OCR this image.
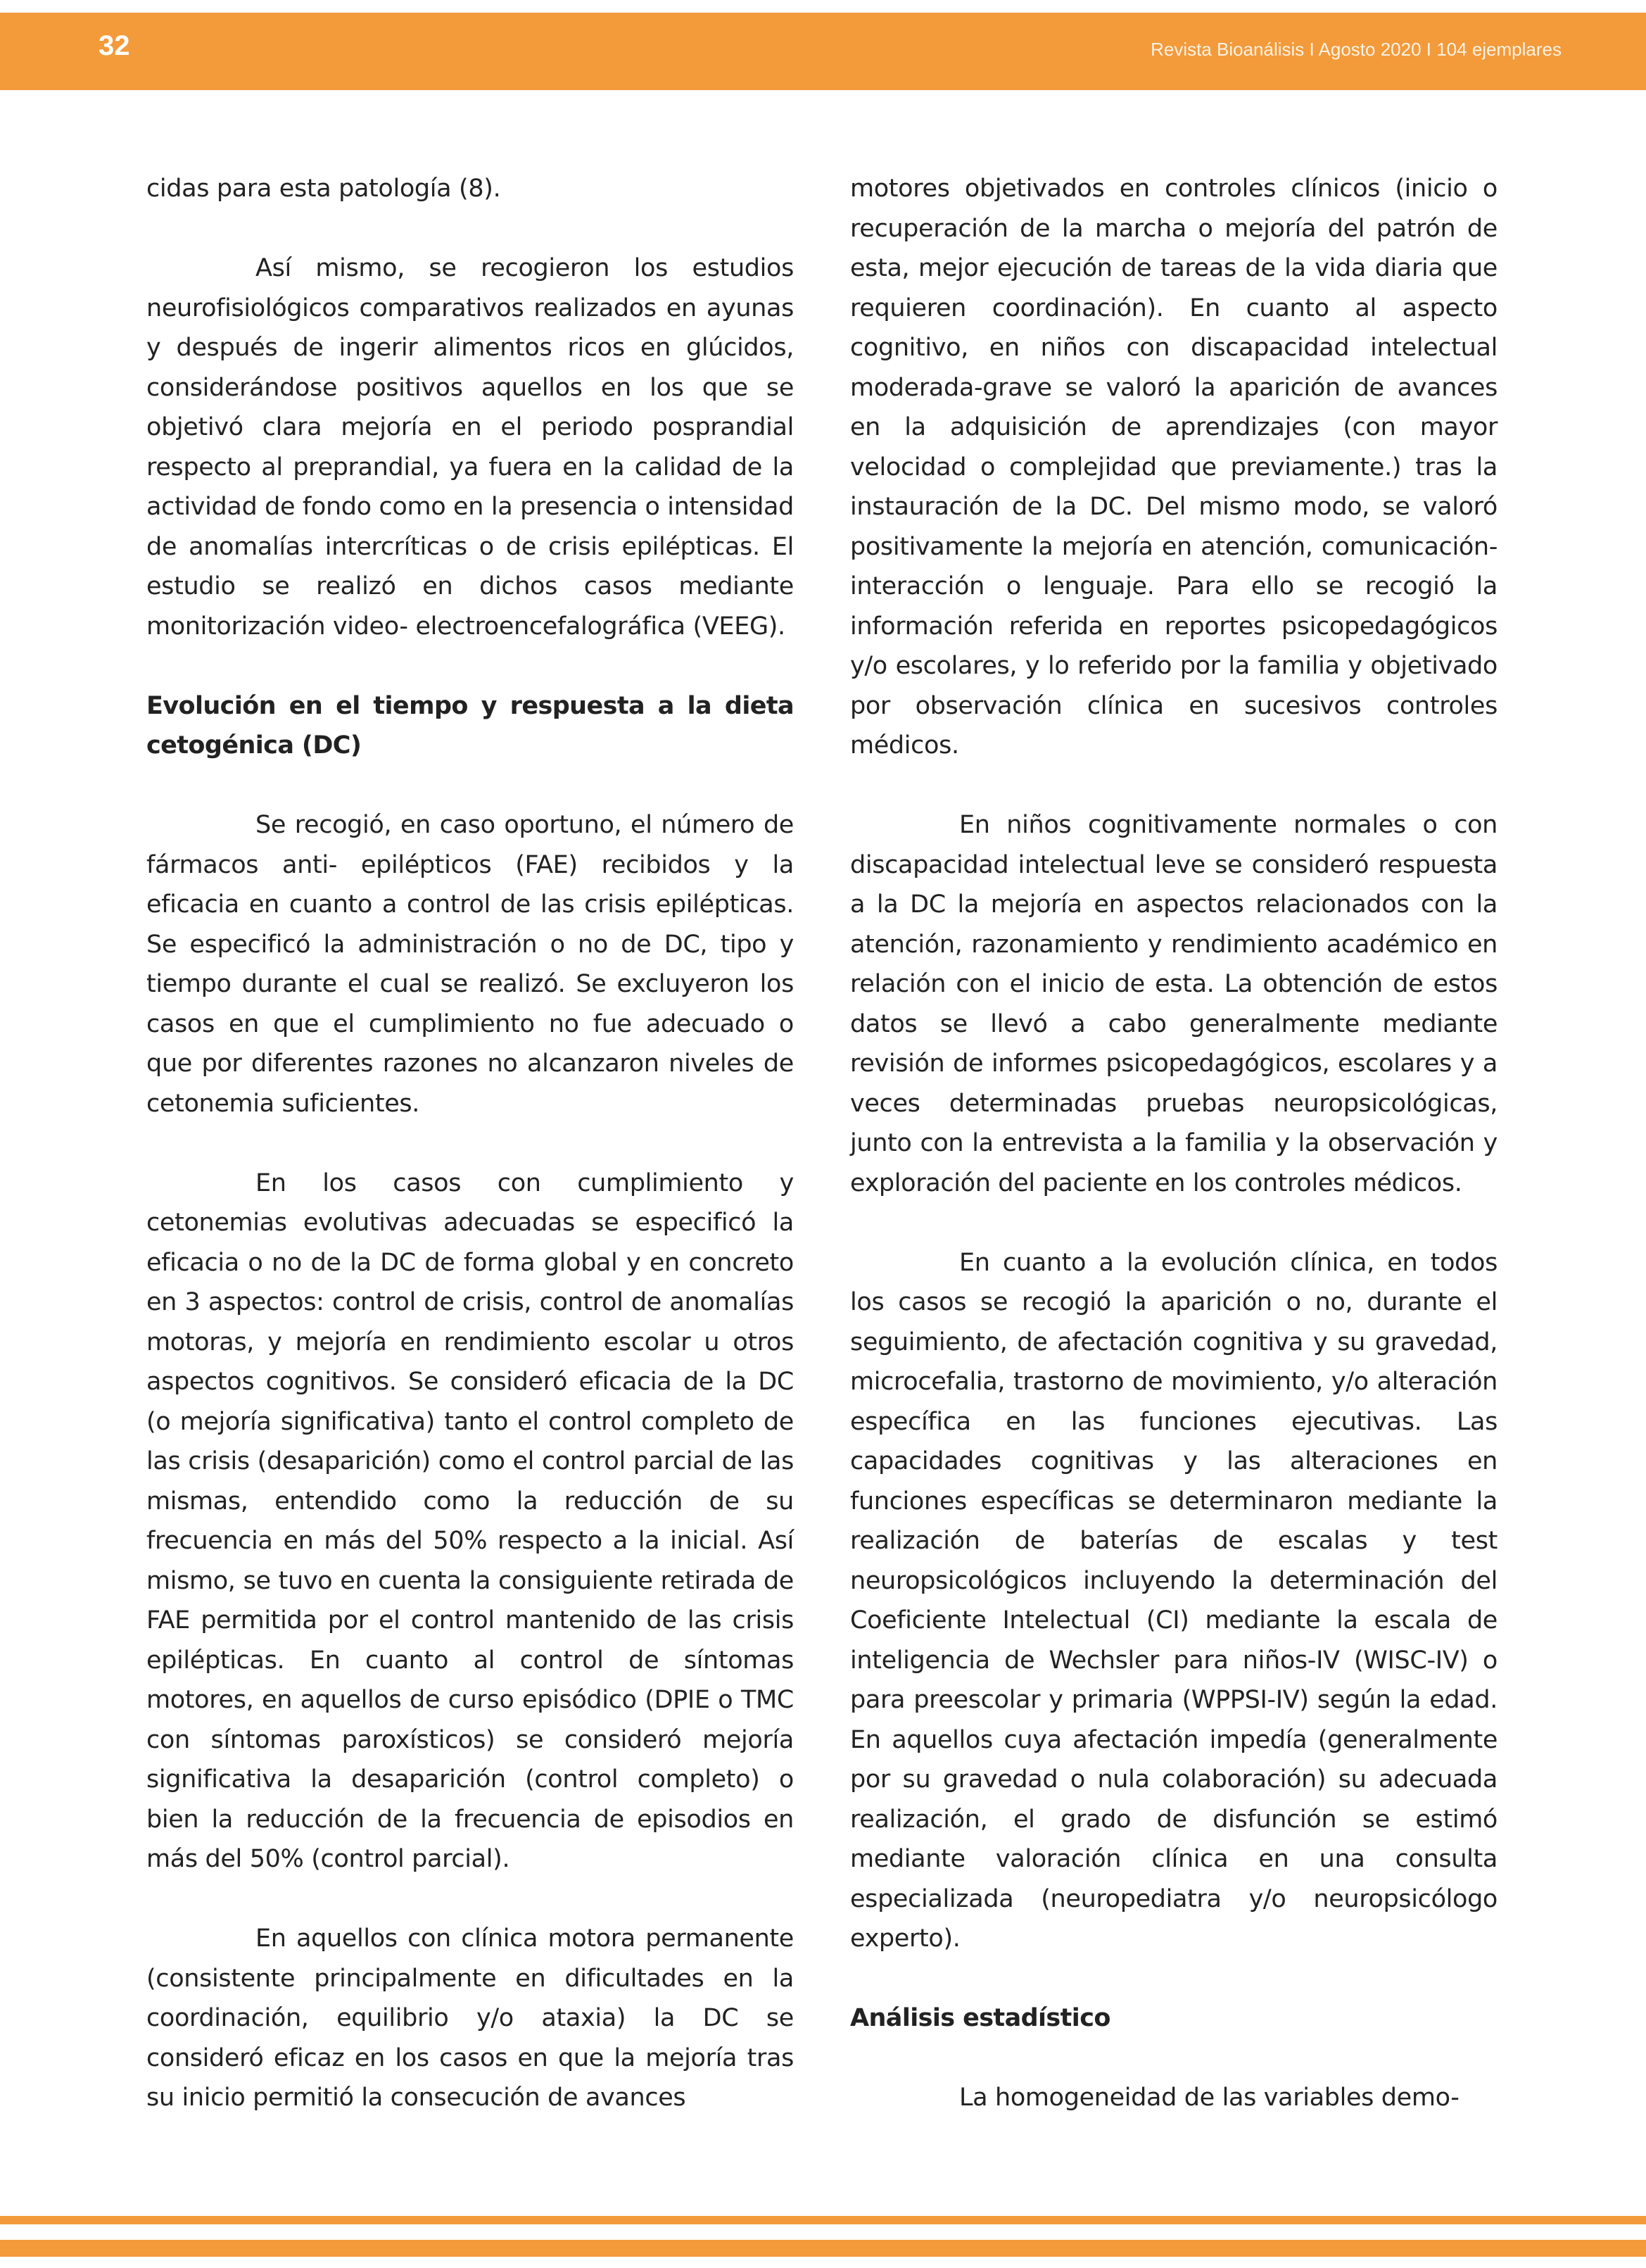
32	Revista Bioanálisis I Agosto 2020 I 104 ejemplares

cidas para esta patología (8).

Así mismo, se recogieron los estudios neurofisiológicos comparativos realizados en ayunas y después de ingerir alimentos ricos en glúcidos, considerándose positivos aquellos en los que se objetivó clara mejoría en el periodo posprandial respecto al preprandial, ya fuera en la calidad de la actividad de fondo como en la presencia o intensidad de anomalías intercríticas o de crisis epilépticas. El estudio se realizó en dichos casos mediante monitorización video- electroencefalográfica (VEEG).

Evolución en el tiempo y respuesta a la dieta cetogénica (DC)

Se recogió, en caso oportuno, el número de fármacos anti- epilépticos (FAE) recibidos y la eficacia en cuanto a control de las crisis epilépticas. Se especificó la administración o no de DC, tipo y tiempo durante el cual se realizó. Se excluyeron los casos en que el cumplimiento no fue adecuado o que por diferentes razones no alcanzaron niveles de cetonemia suficientes.

En los casos con cumplimiento y cetonemias evolutivas adecuadas se especificó la eficacia o no de la DC de forma global y en concreto en 3 aspectos: control de crisis, control de anomalías motoras, y mejoría en rendimiento escolar u otros aspectos cognitivos. Se consideró eficacia de la DC (o mejoría significativa) tanto el control completo de las crisis (desaparición) como el control parcial de las mismas, entendido como la reducción de su frecuencia en más del 50% respecto a la inicial. Así mismo, se tuvo en cuenta la consiguiente retirada de FAE permitida por el control mantenido de las crisis epilépticas. En cuanto al control de síntomas motores, en aquellos de curso episódico (DPIE o TMC con síntomas paroxísticos) se consideró mejoría significativa la desaparición (control completo) o bien la reducción de la frecuencia de episodios en más del 50% (control parcial).

En aquellos con clínica motora permanente (consistente principalmente en dificultades en la coordinación, equilibrio y/o ataxia) la DC se consideró eficaz en los casos en que la mejoría tras su inicio permitió la consecución de avances

motores objetivados en controles clínicos (inicio o recuperación de la marcha o mejoría del patrón de esta, mejor ejecución de tareas de la vida diaria que requieren coordinación). En cuanto al aspecto cognitivo, en niños con discapacidad intelectual moderada-grave se valoró la aparición de avances en la adquisición de aprendizajes (con mayor velocidad o complejidad que previamente.) tras la instauración de la DC. Del mismo modo, se valoró positivamente la mejoría en atención, comunicación-interacción o lenguaje. Para ello se recogió la información referida en reportes psicopedagógicos y/o escolares, y lo referido por la familia y objetivado por observación clínica en sucesivos controles médicos.

En niños cognitivamente normales o con discapacidad intelectual leve se consideró respuesta a la DC la mejoría en aspectos relacionados con la atención, razonamiento y rendimiento académico en relación con el inicio de esta. La obtención de estos datos se llevó a cabo generalmente mediante revisión de informes psicopedagógicos, escolares y a veces determinadas pruebas neuropsicológicas, junto con la entrevista a la familia y la observación y exploración del paciente en los controles médicos.

En cuanto a la evolución clínica, en todos los casos se recogió la aparición o no, durante el seguimiento, de afectación cognitiva y su gravedad, microcefalia, trastorno de movimiento, y/o alteración específica en las funciones ejecutivas. Las capacidades cognitivas y las alteraciones en funciones específicas se determinaron mediante la realización de baterías de escalas y test neuropsicológicos incluyendo la determinación del Coeficiente Intelectual (CI) mediante la escala de inteligencia de Wechsler para niños-IV (WISC-IV) o para preescolar y primaria (WPPSI-IV) según la edad. En aquellos cuya afectación impedía (generalmente por su gravedad o nula colaboración) su adecuada realización, el grado de disfunción se estimó mediante valoración clínica en una consulta especializada (neuropediatra y/o neuropsicólogo experto).

Análisis estadístico

La homogeneidad de las variables demo-
